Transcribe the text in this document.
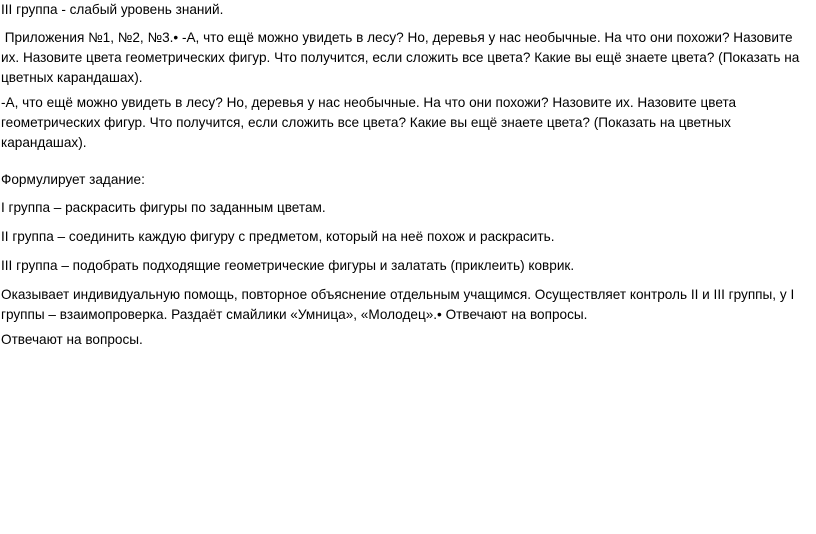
III группа - слабый уровень знаний.

Приложения №1, №2, №3.• -А, что ещё можно увидеть в лесу? Но, деревья у нас необычные. На что они похожи? Назовите их. Назовите цвета геометрических фигур. Что получится, если сложить все цвета? Какие вы ещё знаете цвета? (Показать на цветных карандашах).

-А, что ещё можно увидеть в лесу? Но, деревья у нас необычные. На что они похожи? Назовите их. Назовите цвета геометрических фигур. Что получится, если сложить все цвета? Какие вы ещё знаете цвета? (Показать на цветных карандашах).

Формулирует задание:

I группа – раскрасить фигуры по заданным цветам.

II группа – соединить каждую фигуру с предметом, который на неё похож и раскрасить.

III группа – подобрать подходящие геометрические фигуры и залатать (приклеить) коврик.

Оказывает индивидуальную помощь, повторное объяснение отдельным учащимся. Осуществляет контроль II и III группы, у I группы – взаимопроверка. Раздаёт смайлики «Умница», «Молодец».• Отвечают на вопросы.

Отвечают на вопросы.
